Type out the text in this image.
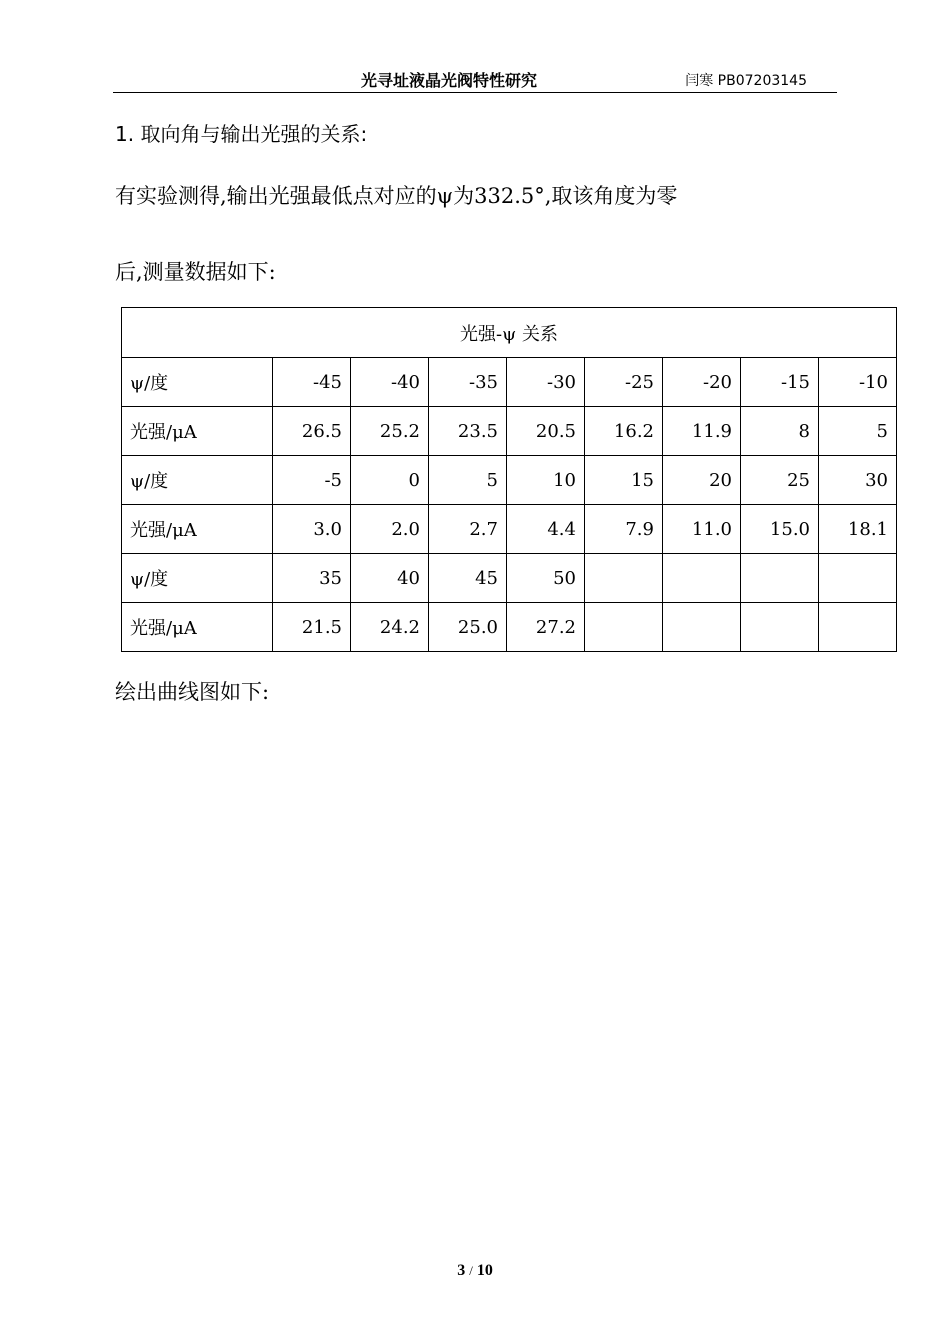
光寻址液晶光阀特性研究	闫寒 PB07203145
1. 取向角与输出光强的关系:
有实验测得,输出光强最低点对应的ψ为332.5°,取该角度为零
后,测量数据如下:
光强-ψ 关系								
ψ/度	-45	-40	-35	-30	-25	-20	-15	-10
光强/μA	26.5	25.2	23.5	20.5	16.2	11.9	8	5
ψ/度	-5	0	5	10	15	20	25	30
光强/μA	3.0	2.0	2.7	4.4	7.9	11.0	15.0	18.1
ψ/度	35	40	45	50				
光强/μA	21.5	24.2	25.0	27.2				
绘出曲线图如下:
3 / 10
